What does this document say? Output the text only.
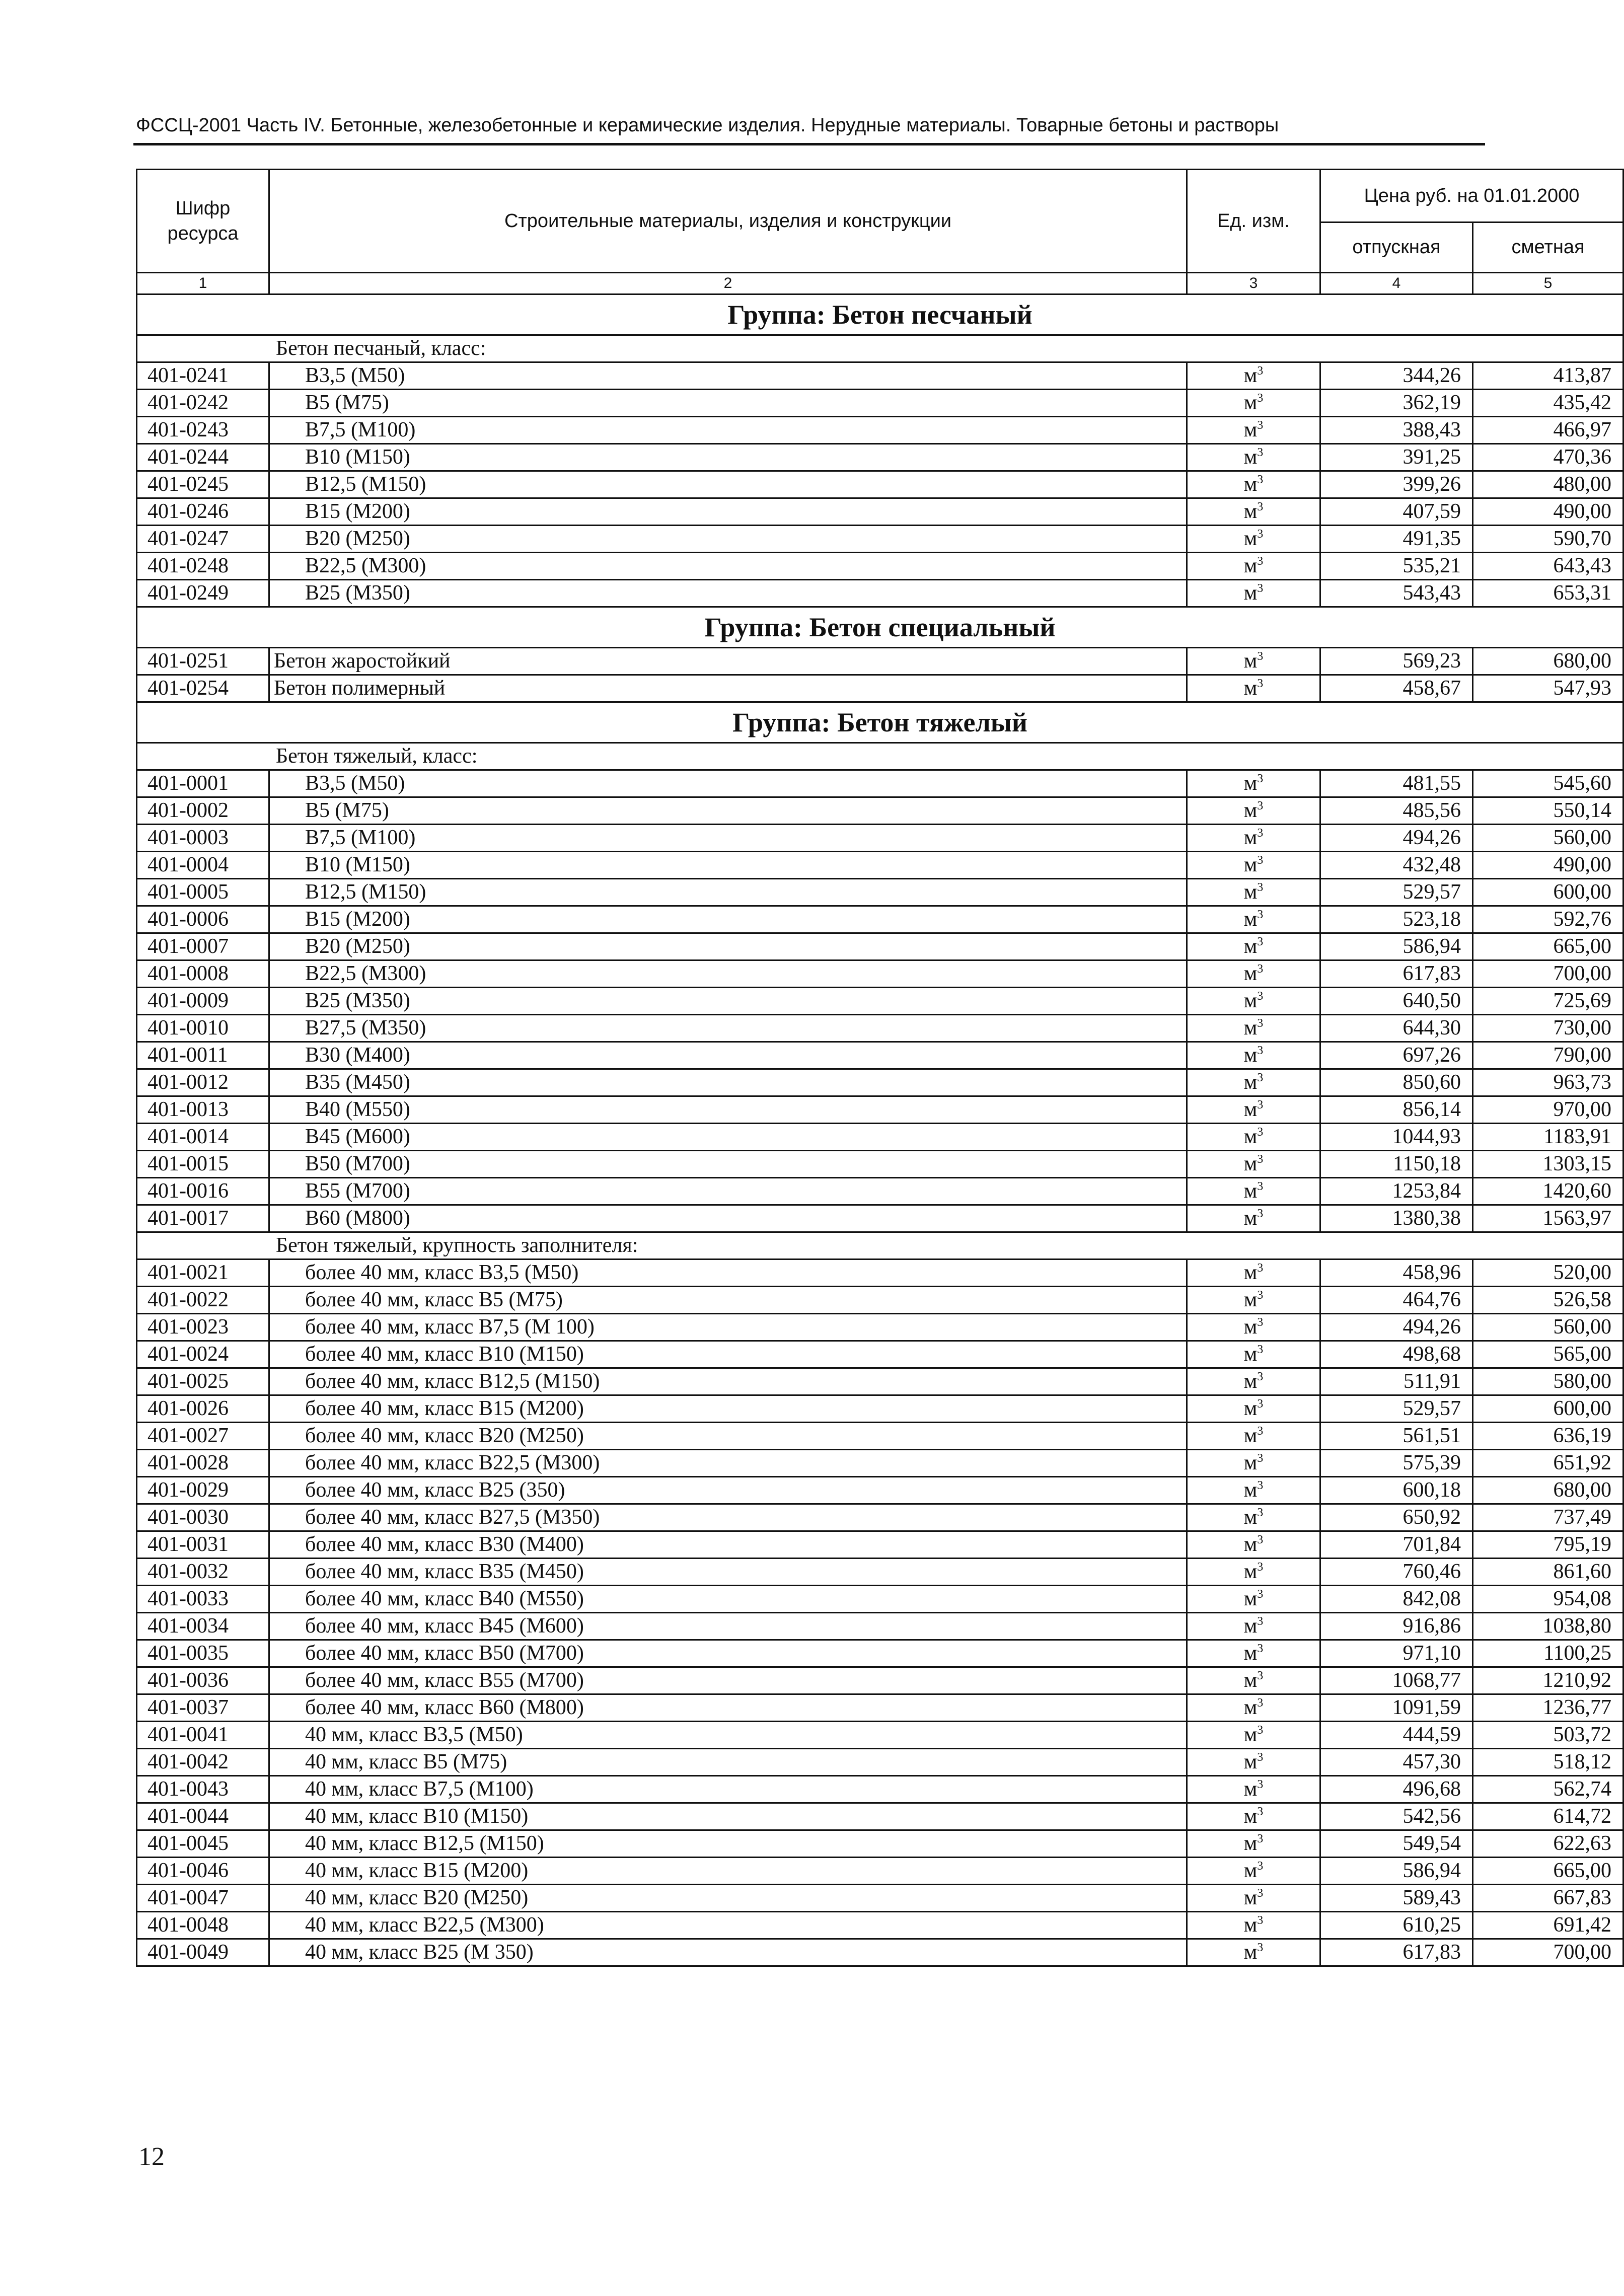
ФССЦ-2001 Часть IV. Бетонные, железобетонные и керамические изделия. Нерудные материалы. Товарные бетоны и растворы
Шифр ресурса	Строительные материалы, изделия и конструкции	Ед. изм.	Цена руб. на 01.01.2000	
			отпускная	сметная
1	2	3	4	5
Группа: Бетон песчаный				
Бетон песчаный, класс:				
401-0241	B3,5 (M50)	$м^3$	344,26	413,87
401-0242	B5 (M75)	$м^3$	362,19	435,42
401-0243	B7,5 (M100)	$м^3$	388,43	466,97
401-0244	B10 (M150)	$м^3$	391,25	470,36
401-0245	B12,5 (M150)	$м^3$	399,26	480,00
401-0246	B15 (M200)	$м^3$	407,59	490,00
401-0247	B20 (M250)	$м^3$	491,35	590,70
401-0248	B22,5 (M300)	$м^3$	535,21	643,43
401-0249	B25 (M350)	$м^3$	543,43	653,31
Группа: Бетон специальный				
401-0251	Бетон жаростойкий	$м^3$	569,23	680,00
401-0254	Бетон полимерный	$м^3$	458,67	547,93
Группа: Бетон тяжелый				
Бетон тяжелый, класс:				
401-0001	B3,5 (M50)	$м^3$	481,55	545,60
401-0002	B5 (M75)	$м^3$	485,56	550,14
401-0003	B7,5 (M100)	$м^3$	494,26	560,00
401-0004	B10 (M150)	$м^3$	432,48	490,00
401-0005	B12,5 (M150)	$м^3$	529,57	600,00
401-0006	B15 (M200)	$м^3$	523,18	592,76
401-0007	B20 (M250)	$м^3$	586,94	665,00
401-0008	B22,5 (M300)	$м^3$	617,83	700,00
401-0009	B25 (M350)	$м^3$	640,50	725,69
401-0010	B27,5 (M350)	$м^3$	644,30	730,00
401-0011	B30 (M400)	$м^3$	697,26	790,00
401-0012	B35 (M450)	$м^3$	850,60	963,73
401-0013	B40 (M550)	$м^3$	856,14	970,00
401-0014	B45 (M600)	$м^3$	1044,93	1183,91
401-0015	B50 (M700)	$м^3$	1150,18	1303,15
401-0016	B55 (M700)	$м^3$	1253,84	1420,60
401-0017	B60 (M800)	$м^3$	1380,38	1563,97
Бетон тяжелый, крупность заполнителя:				
401-0021	более 40 мм, класс B3,5 (M50)	$м^3$	458,96	520,00
401-0022	более 40 мм, класс B5 (M75)	$м^3$	464,76	526,58
401-0023	более 40 мм, класс B7,5 (M 100)	$м^3$	494,26	560,00
401-0024	более 40 мм, класс B10 (M150)	$м^3$	498,68	565,00
401-0025	более 40 мм, класс B12,5 (M150)	$м^3$	511,91	580,00
401-0026	более 40 мм, класс B15 (M200)	$м^3$	529,57	600,00
401-0027	более 40 мм, класс B20 (M250)	$м^3$	561,51	636,19
401-0028	более 40 мм, класс B22,5 (M300)	$м^3$	575,39	651,92
401-0029	более 40 мм, класс B25 (350)	$м^3$	600,18	680,00
401-0030	более 40 мм, класс B27,5 (M350)	$м^3$	650,92	737,49
401-0031	более 40 мм, класс B30 (M400)	$м^3$	701,84	795,19
401-0032	более 40 мм, класс B35 (M450)	$м^3$	760,46	861,60
401-0033	более 40 мм, класс B40 (M550)	$м^3$	842,08	954,08
401-0034	более 40 мм, класс B45 (M600)	$м^3$	916,86	1038,80
401-0035	более 40 мм, класс B50 (M700)	$м^3$	971,10	1100,25
401-0036	более 40 мм, класс B55 (M700)	$м^3$	1068,77	1210,92
401-0037	более 40 мм, класс B60 (M800)	$м^3$	1091,59	1236,77
401-0041	40 мм, класс B3,5 (M50)	$м^3$	444,59	503,72
401-0042	40 мм, класс B5 (M75)	$м^3$	457,30	518,12
401-0043	40 мм, класс B7,5 (M100)	$м^3$	496,68	562,74
401-0044	40 мм, класс B10 (M150)	$м^3$	542,56	614,72
401-0045	40 мм, класс B12,5 (M150)	$м^3$	549,54	622,63
401-0046	40 мм, класс B15 (M200)	$м^3$	586,94	665,00
401-0047	40 мм, класс B20 (M250)	$м^3$	589,43	667,83
401-0048	40 мм, класс B22,5 (M300)	$м^3$	610,25	691,42
401-0049	40 мм, класс B25 (M 350)	$м^3$	617,83	700,00
12
